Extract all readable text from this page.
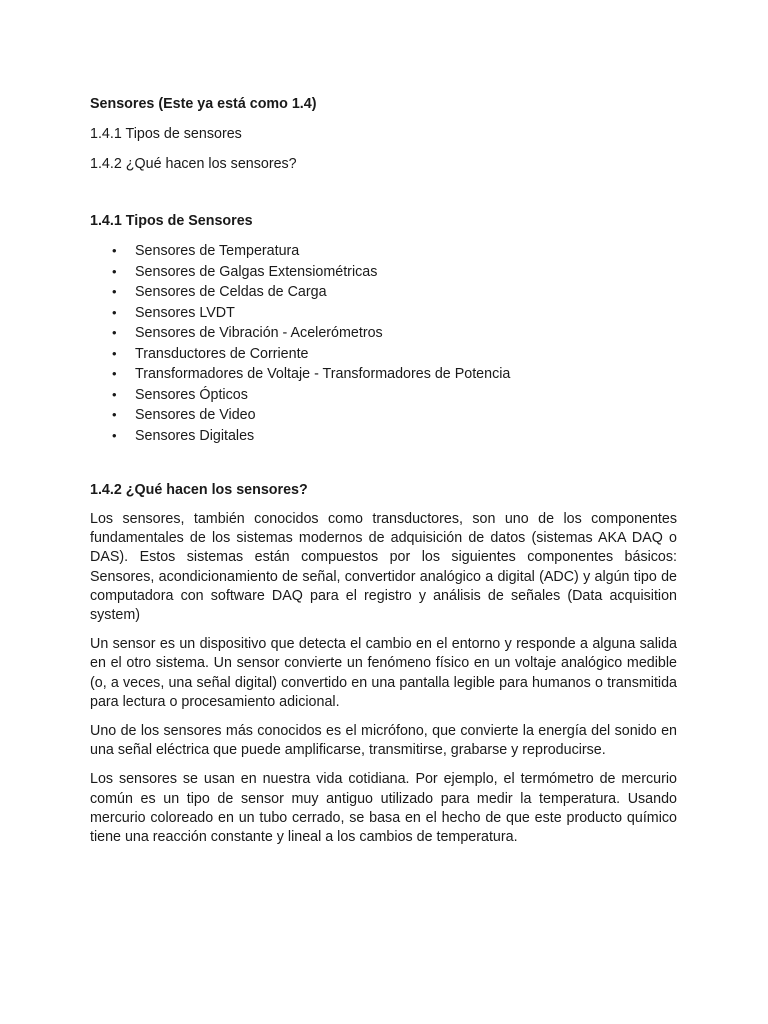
Sensores (Este ya está como 1.4)

1.4.1 Tipos de sensores

1.4.2 ¿Qué hacen los sensores?

1.4.1 Tipos de Sensores

• Sensores de Temperatura
• Sensores de Galgas Extensiométricas
• Sensores de Celdas de Carga
• Sensores LVDT
• Sensores de Vibración - Acelerómetros
• Transductores de Corriente
• Transformadores de Voltaje - Transformadores de Potencia
• Sensores Ópticos
• Sensores de Video
• Sensores Digitales

1.4.2 ¿Qué hacen los sensores?

Los sensores, también conocidos como transductores, son uno de los componentes fundamentales de los sistemas modernos de adquisición de datos (sistemas AKA DAQ o DAS). Estos sistemas están compuestos por los siguientes componentes básicos: Sensores, acondicionamiento de señal, convertidor analógico a digital (ADC) y algún tipo de computadora con software DAQ para el registro y análisis de señales (Data acquisition system)

Un sensor es un dispositivo que detecta el cambio en el entorno y responde a alguna salida en el otro sistema. Un sensor convierte un fenómeno físico en un voltaje analógico medible (o, a veces, una señal digital) convertido en una pantalla legible para humanos o transmitida para lectura o procesamiento adicional.

Uno de los sensores más conocidos es el micrófono, que convierte la energía del sonido en una señal eléctrica que puede amplificarse, transmitirse, grabarse y reproducirse.

Los sensores se usan en nuestra vida cotidiana. Por ejemplo, el termómetro de mercurio común es un tipo de sensor muy antiguo utilizado para medir la temperatura. Usando mercurio coloreado en un tubo cerrado, se basa en el hecho de que este producto químico tiene una reacción constante y lineal a los cambios de temperatura.
